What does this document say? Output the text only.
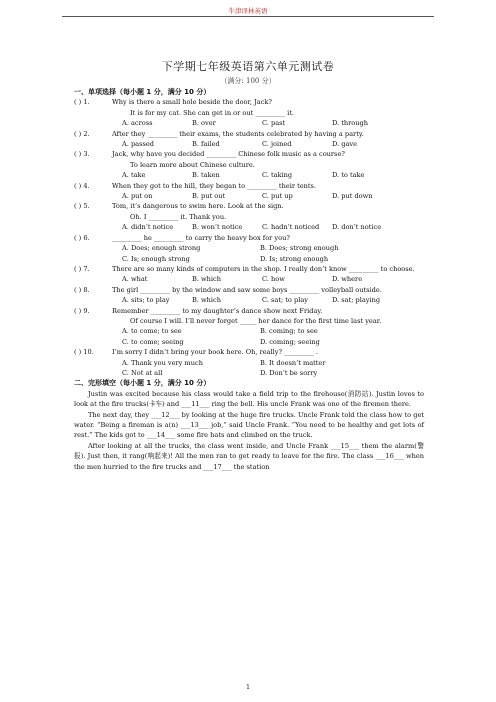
牛津译林英语
下学期七年级英语第六单元测试卷
（满分: 100 分）
一、单项选择（每小题 1 分，满分 10 分）
( ) 1.	Why is there a small hole beside the door, Jack?
It is for my cat. She can get in or out _________ it.
A. across	B. over	C. past	D. through
( ) 2.	After they _________ their exams, the students celebrated by having a party.
A. passed	B. failed	C. joined	D. gave
( ) 3.	Jack, why have you decided _________ Chinese folk music as a course?
To learn more about Chinese culture.
A. take	B. taken	C. taking	D. to take
( ) 4.	When they got to the hill, they began to _________ their tents.
A. put on	B. put out	C. put up	D. put down
( ) 5.	Tom, it’s dangerous to swim here. Look at the sign.
Oh. I _________ it. Thank you.
A. didn’t notice	B. won’t notice	C. hadn’t noticed	D. don’t notice
( ) 6.	_________ he _________ to carry the heavy box for you?
A. Does; enough strong	B. Does; strong enough
C. Is; enough strong	D. Is; strong enough
( ) 7.	There are so many kinds of computers in the shop. I really don’t know _________ to choose.
A. what	B. which	C. how	D. where
( ) 8.	The girl _________ by the window and saw some boys _________ volleyball outside.
A. sits; to play	B. which	C. sat; to play	D. sat; playing
( ) 9.	Remember _________ to my daughter’s dance show next Friday.
Of course I will. I’ll never forget _____ her dance for the first time last year.
A. to come; to see	B. coming; to see
C. to come; seeing	D. coming; seeing
( ) 10.	I’m sorry I didn’t bring your book here. Oh, really? _________ .
A. Thank you very much	B. It doesn’t matter
C. Not at all	D. Don’t be sorry
二、完形填空（每小题 1 分，满分 10 分）

Justin was excited because his class would take a field trip to the firehouse(消防站). Justin loves to look at the fire trucks(卡车) and ___11___ ring the bell. His uncle Frank was one of the firemen there.

The next day, they ___12___ by looking at the huge fire trucks. Uncle Frank told the class how to get water. “Being a fireman is a(n) ___13___ job,” said Uncle Frank. “You need to be healthy and get lots of rest.” The kids got to ___14___ some fire hats and climbed on the truck.

After looking at all the trucks, the class went inside, and Uncle Frank ___15___ them the alarm(警报). Just then, it rang(响起来)! All the men ran to get ready to leave for the fire. The class ___16___ when the men hurried to the fire trucks and ___17___ the station

1
